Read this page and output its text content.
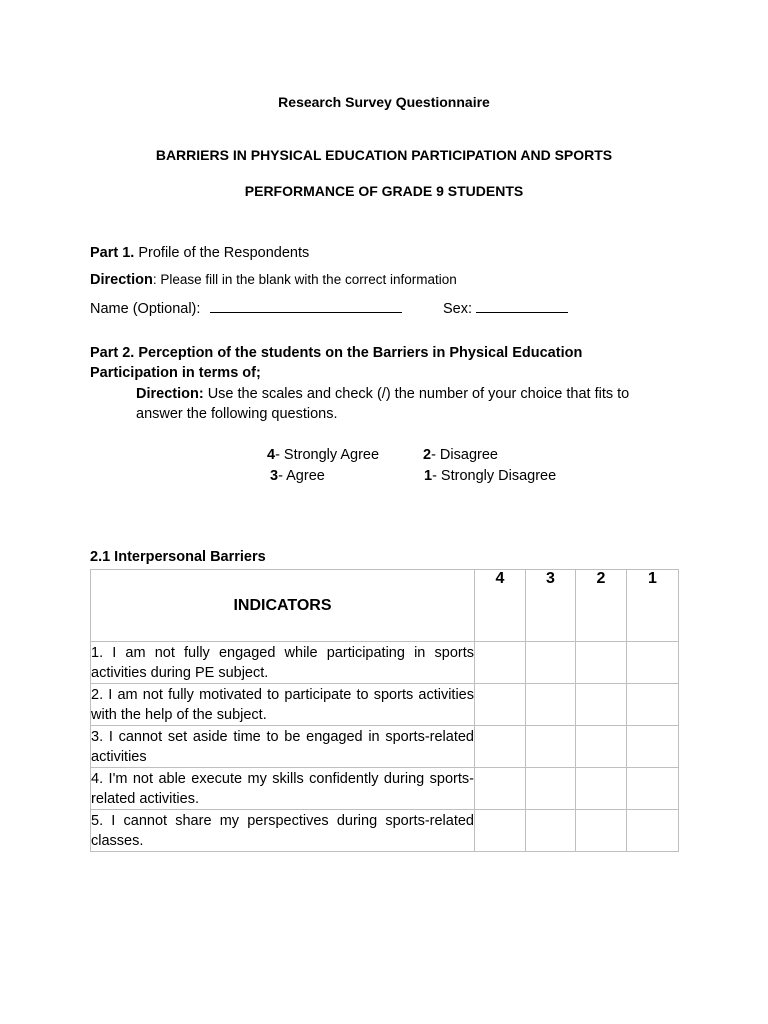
Research Survey Questionnaire
BARRIERS IN PHYSICAL EDUCATION PARTICIPATION AND SPORTS
PERFORMANCE OF GRADE 9 STUDENTS
Part 1. Profile of the Respondents
Direction: Please fill in the blank with the correct information
Name (Optional):	Sex:
Part 2. Perception of the students on the Barriers in Physical Education
Participation in terms of;
Direction: Use the scales and check (/) the number of your choice that fits to
answer the following questions.
4- Strongly Agree	2- Disagree
3- Agree	1- Strongly Disagree
2.1 Interpersonal Barriers
INDICATORS	4	3	2	1
1. I am not fully engaged while participating in sports activities during PE subject.				
2. I am not fully motivated to participate to sports activities with the help of the subject.				
3. I cannot set aside time to be engaged in sports-related activities				
4. I'm not able execute my skills confidently during sports-related activities.				
5. I cannot share my perspectives during sports-related classes.				
